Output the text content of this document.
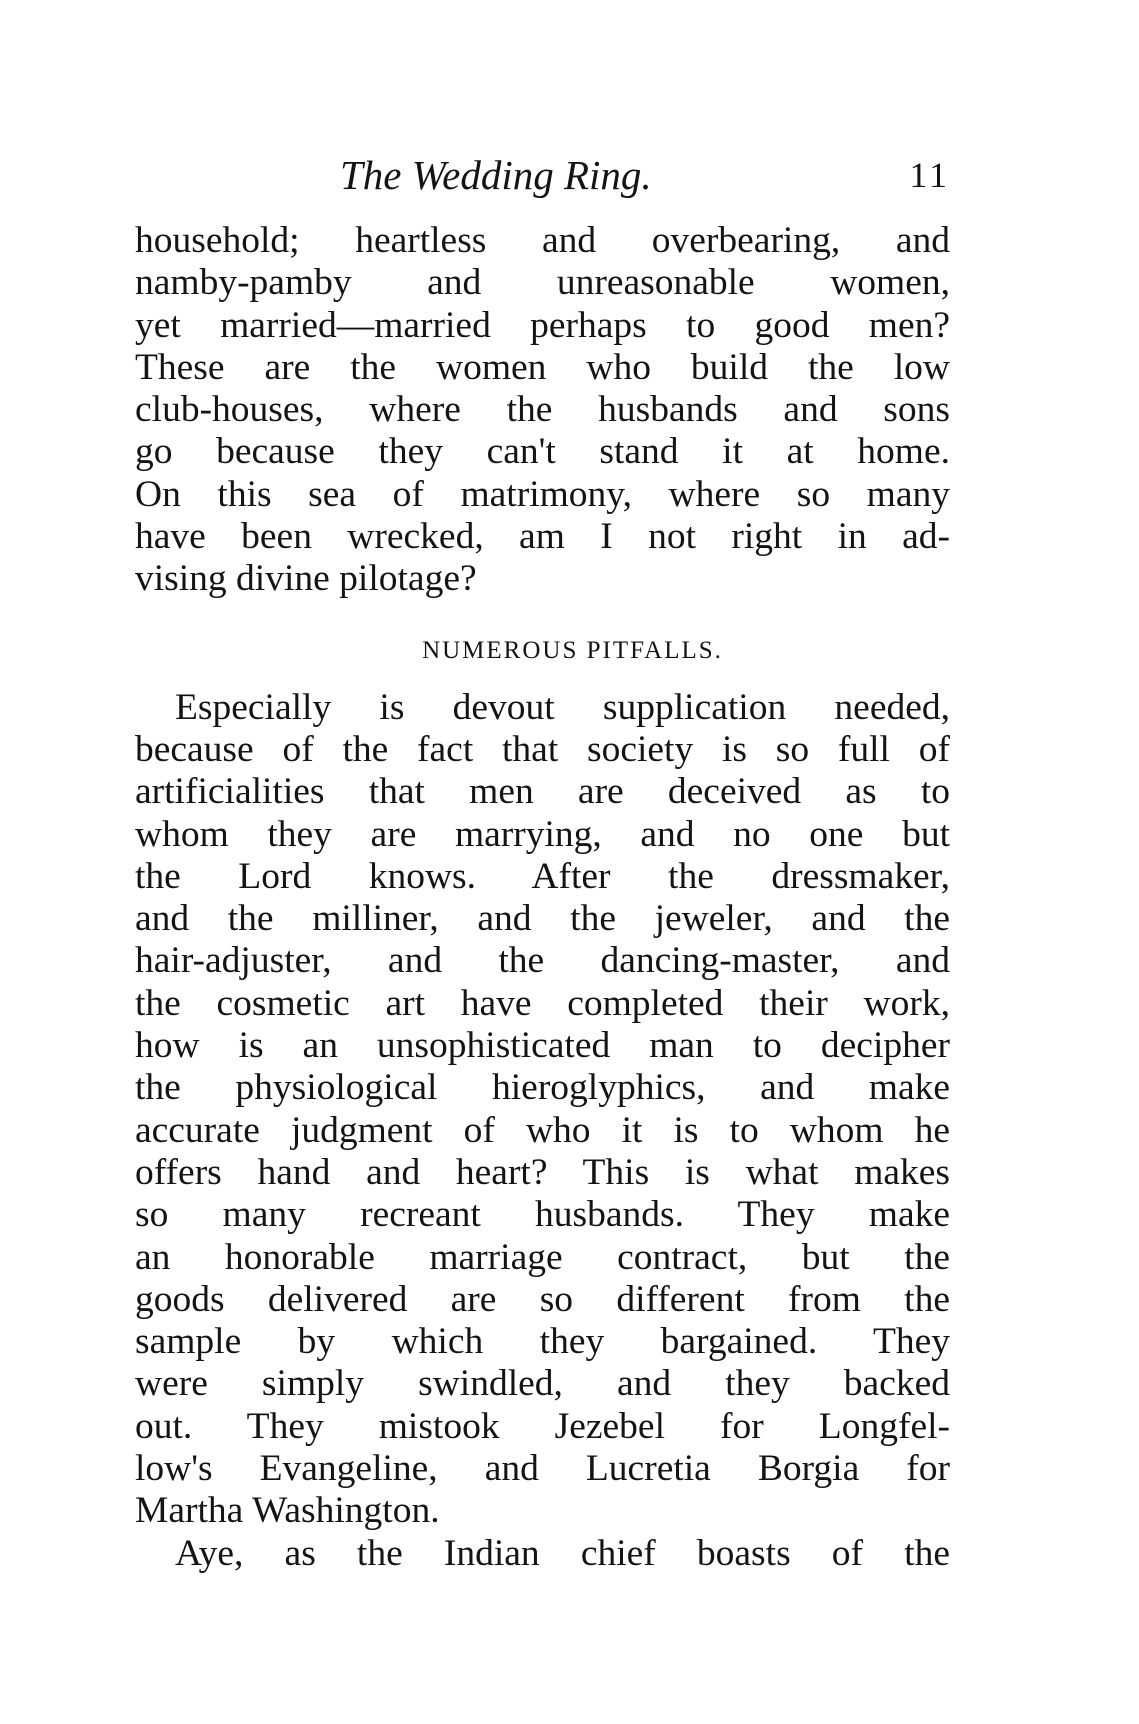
The Wedding Ring.	11
household; heartless and overbearing, and
namby-pamby and unreasonable women,
yet married—married perhaps to good men?
These are the women who build the low
club-houses, where the husbands and sons
go because they can't stand it at home.
On this sea of matrimony, where so many
have been wrecked, am I not right in ad-
vising divine pilotage?
NUMEROUS PITFALLS.
Especially is devout supplication needed,
because of the fact that society is so full of
artificialities that men are deceived as to
whom they are marrying, and no one but
the Lord knows. After the dressmaker,
and the milliner, and the jeweler, and the
hair-adjuster, and the dancing-master, and
the cosmetic art have completed their work,
how is an unsophisticated man to decipher
the physiological hieroglyphics, and make
accurate judgment of who it is to whom he
offers hand and heart? This is what makes
so many recreant husbands. They make
an honorable marriage contract, but the
goods delivered are so different from the
sample by which they bargained. They
were simply swindled, and they backed
out. They mistook Jezebel for Longfel-
low's Evangeline, and Lucretia Borgia for
Martha Washington.
Aye, as the Indian chief boasts of the
